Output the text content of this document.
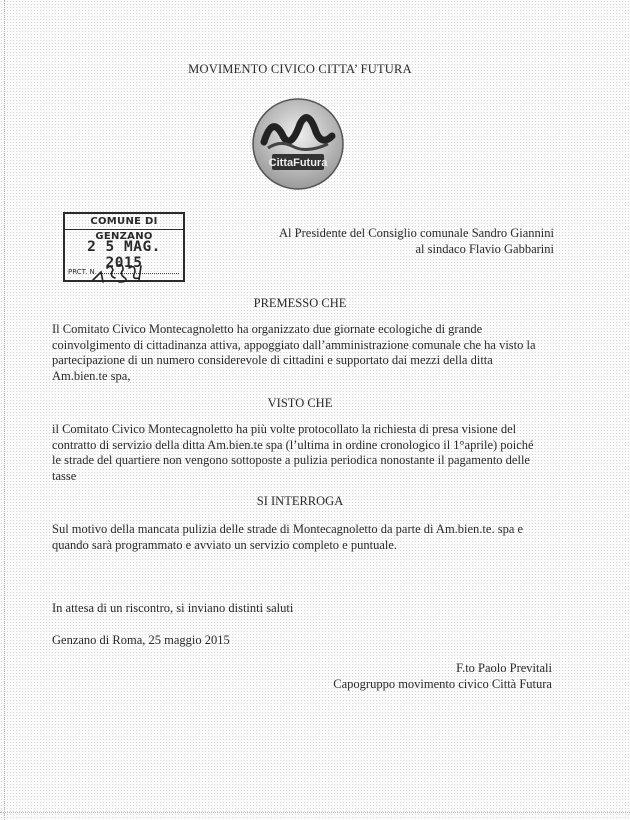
MOVIMENTO CIVICO CITTA’ FUTURA
CittaFutura
COMUNE DI GENZANO
2 5 MAG. 2015
PRCT. N.
Al Presidente del Consiglio comunale Sandro Giannini
al sindaco Flavio Gabbarini
PREMESSO CHE
Il Comitato Civico Montecagnoletto ha organizzato due giornate ecologiche di grande
coinvolgimento di cittadinanza attiva, appoggiato dall’amministrazione comunale che ha visto la
partecipazione di un numero considerevole di cittadini e supportato dai mezzi della ditta
Am.bien.te spa,
VISTO CHE
il Comitato Civico Montecagnoletto ha più volte protocollato la richiesta di presa visione del
contratto di servizio della ditta Am.bien.te spa (l’ultima in ordine cronologico il 1°aprile) poiché
le strade del quartiere non vengono sottoposte a pulizia periodica nonostante il pagamento delle
tasse
SI INTERROGA
Sul motivo della mancata pulizia delle strade di Montecagnoletto da parte di Am.bien.te. spa e
quando sarà programmato e avviato un servizio completo e puntuale.
In attesa di un riscontro, si inviano distinti saluti
Genzano di Roma, 25 maggio 2015
F.to Paolo Previtali
Capogruppo movimento civico Città Futura
